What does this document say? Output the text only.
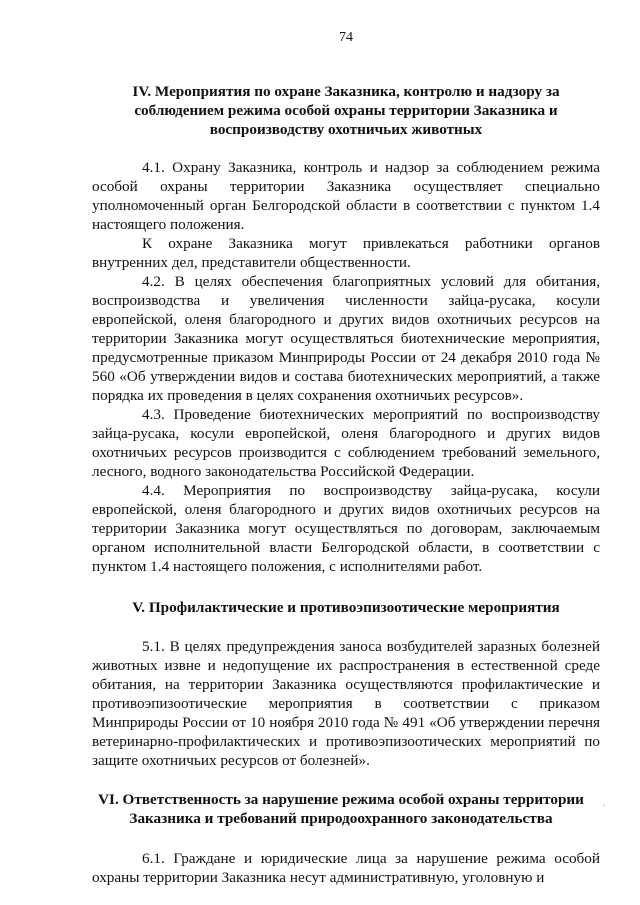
74
IV. Мероприятия по охране Заказника, контролю и надзору за соблюдением режима особой охраны территории Заказника и воспроизводству охотничьих животных

4.1. Охрану Заказника, контроль и надзор за соблюдением режима особой охраны территории Заказника осуществляет специально уполномоченный орган Белгородской области в соответствии с пунктом 1.4 настоящего положения.

К охране Заказника могут привлекаться работники органов внутренних дел, представители общественности.

4.2. В целях обеспечения благоприятных условий для обитания, воспроизводства и увеличения численности зайца-русака, косули европейской, оленя благородного и других видов охотничьих ресурсов на территории Заказника могут осуществляться биотехнические мероприятия, предусмотренные приказом Минприроды России от 24 декабря 2010 года № 560 «Об утверждении видов и состава биотехнических мероприятий, а также порядка их проведения в целях сохранения охотничьих ресурсов».

4.3. Проведение биотехнических мероприятий по воспроизводству зайца-русака, косули европейской, оленя благородного и других видов охотничьих ресурсов производится с соблюдением требований земельного, лесного, водного законодательства Российской Федерации.

4.4. Мероприятия по воспроизводству зайца-русака, косули европейской, оленя благородного и других видов охотничьих ресурсов на территории Заказника могут осуществляться по договорам, заключаемым органом исполнительной власти Белгородской области, в соответствии с пунктом 1.4 настоящего положения, с исполнителями работ.

V. Профилактические и противоэпизоотические мероприятия

5.1. В целях предупреждения заноса возбудителей заразных болезней животных извне и недопущение их распространения в естественной среде обитания, на территории Заказника осуществляются профилактические и противоэпизоотические мероприятия в соответствии с приказом Минприроды России от 10 ноября 2010 года № 491 «Об утверждении перечня ветеринарно-профилактических и противоэпизоотических мероприятий по защите охотничьих ресурсов от болезней».

VI. Ответственность за нарушение режима особой охраны территории Заказника и требований природоохранного законодательства

6.1. Граждане и юридические лица за нарушение режима особой охраны территории Заказника несут административную, уголовную и

·
